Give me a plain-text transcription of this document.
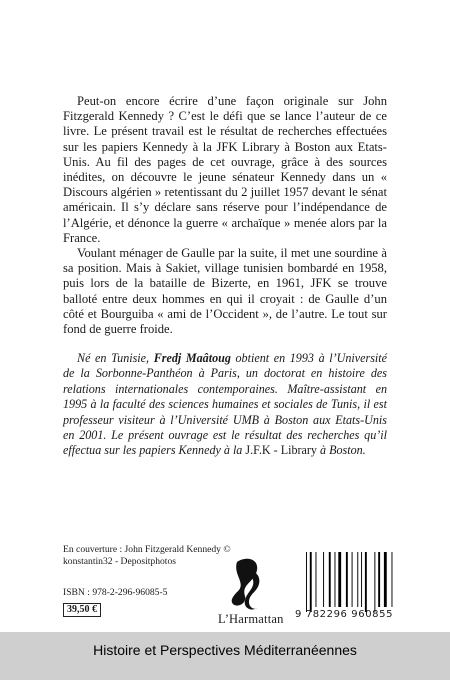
Peut-on encore écrire d’une façon originale sur John Fitzgerald Kennedy ? C’est le défi que se lance l’auteur de ce livre. Le présent travail est le résultat de recherches effectuées sur les papiers Kennedy à la JFK Library à Boston aux Etats-Unis. Au fil des pages de cet ouvrage, grâce à des sources inédites, on découvre le jeune sénateur Kennedy dans un « Discours algérien » retentissant du 2 juillet 1957 devant le sénat américain. Il s’y déclare sans réserve pour l’indépendance de l’Algérie, et dénonce la guerre « archaïque » menée alors par la France.

Voulant ménager de Gaulle par la suite, il met une sourdine à sa position. Mais à Sakiet, village tunisien bombardé en 1958, puis lors de la bataille de Bizerte, en 1961, JFK se trouve balloté entre deux hommes en qui il croyait : de Gaulle d’un côté et Bourguiba « ami de l’Occident », de l’autre. Le tout sur fond de guerre froide.

Né en Tunisie, Fredj Maâtoug obtient en 1993 à l’Université de la Sorbonne-Panthéon à Paris, un doctorat en histoire des relations internationales contemporaines. Maître-assistant en 1995 à la faculté des sciences humaines et sociales de Tunis, il est professeur visiteur à l’Université UMB à Boston aux Etats-Unis en 2001. Le présent ouvrage est le résultat des recherches qu’il effectua sur les papiers Kennedy à la J.F.K - Library à Boston.

En couverture : John Fitzgerald Kennedy © konstantin32 - Depositphotos

ISBN : 978-2-296-96085-5

39,50 €

L’Harmattan 9 782296 960855

Histoire et Perspectives Méditerranéennes
